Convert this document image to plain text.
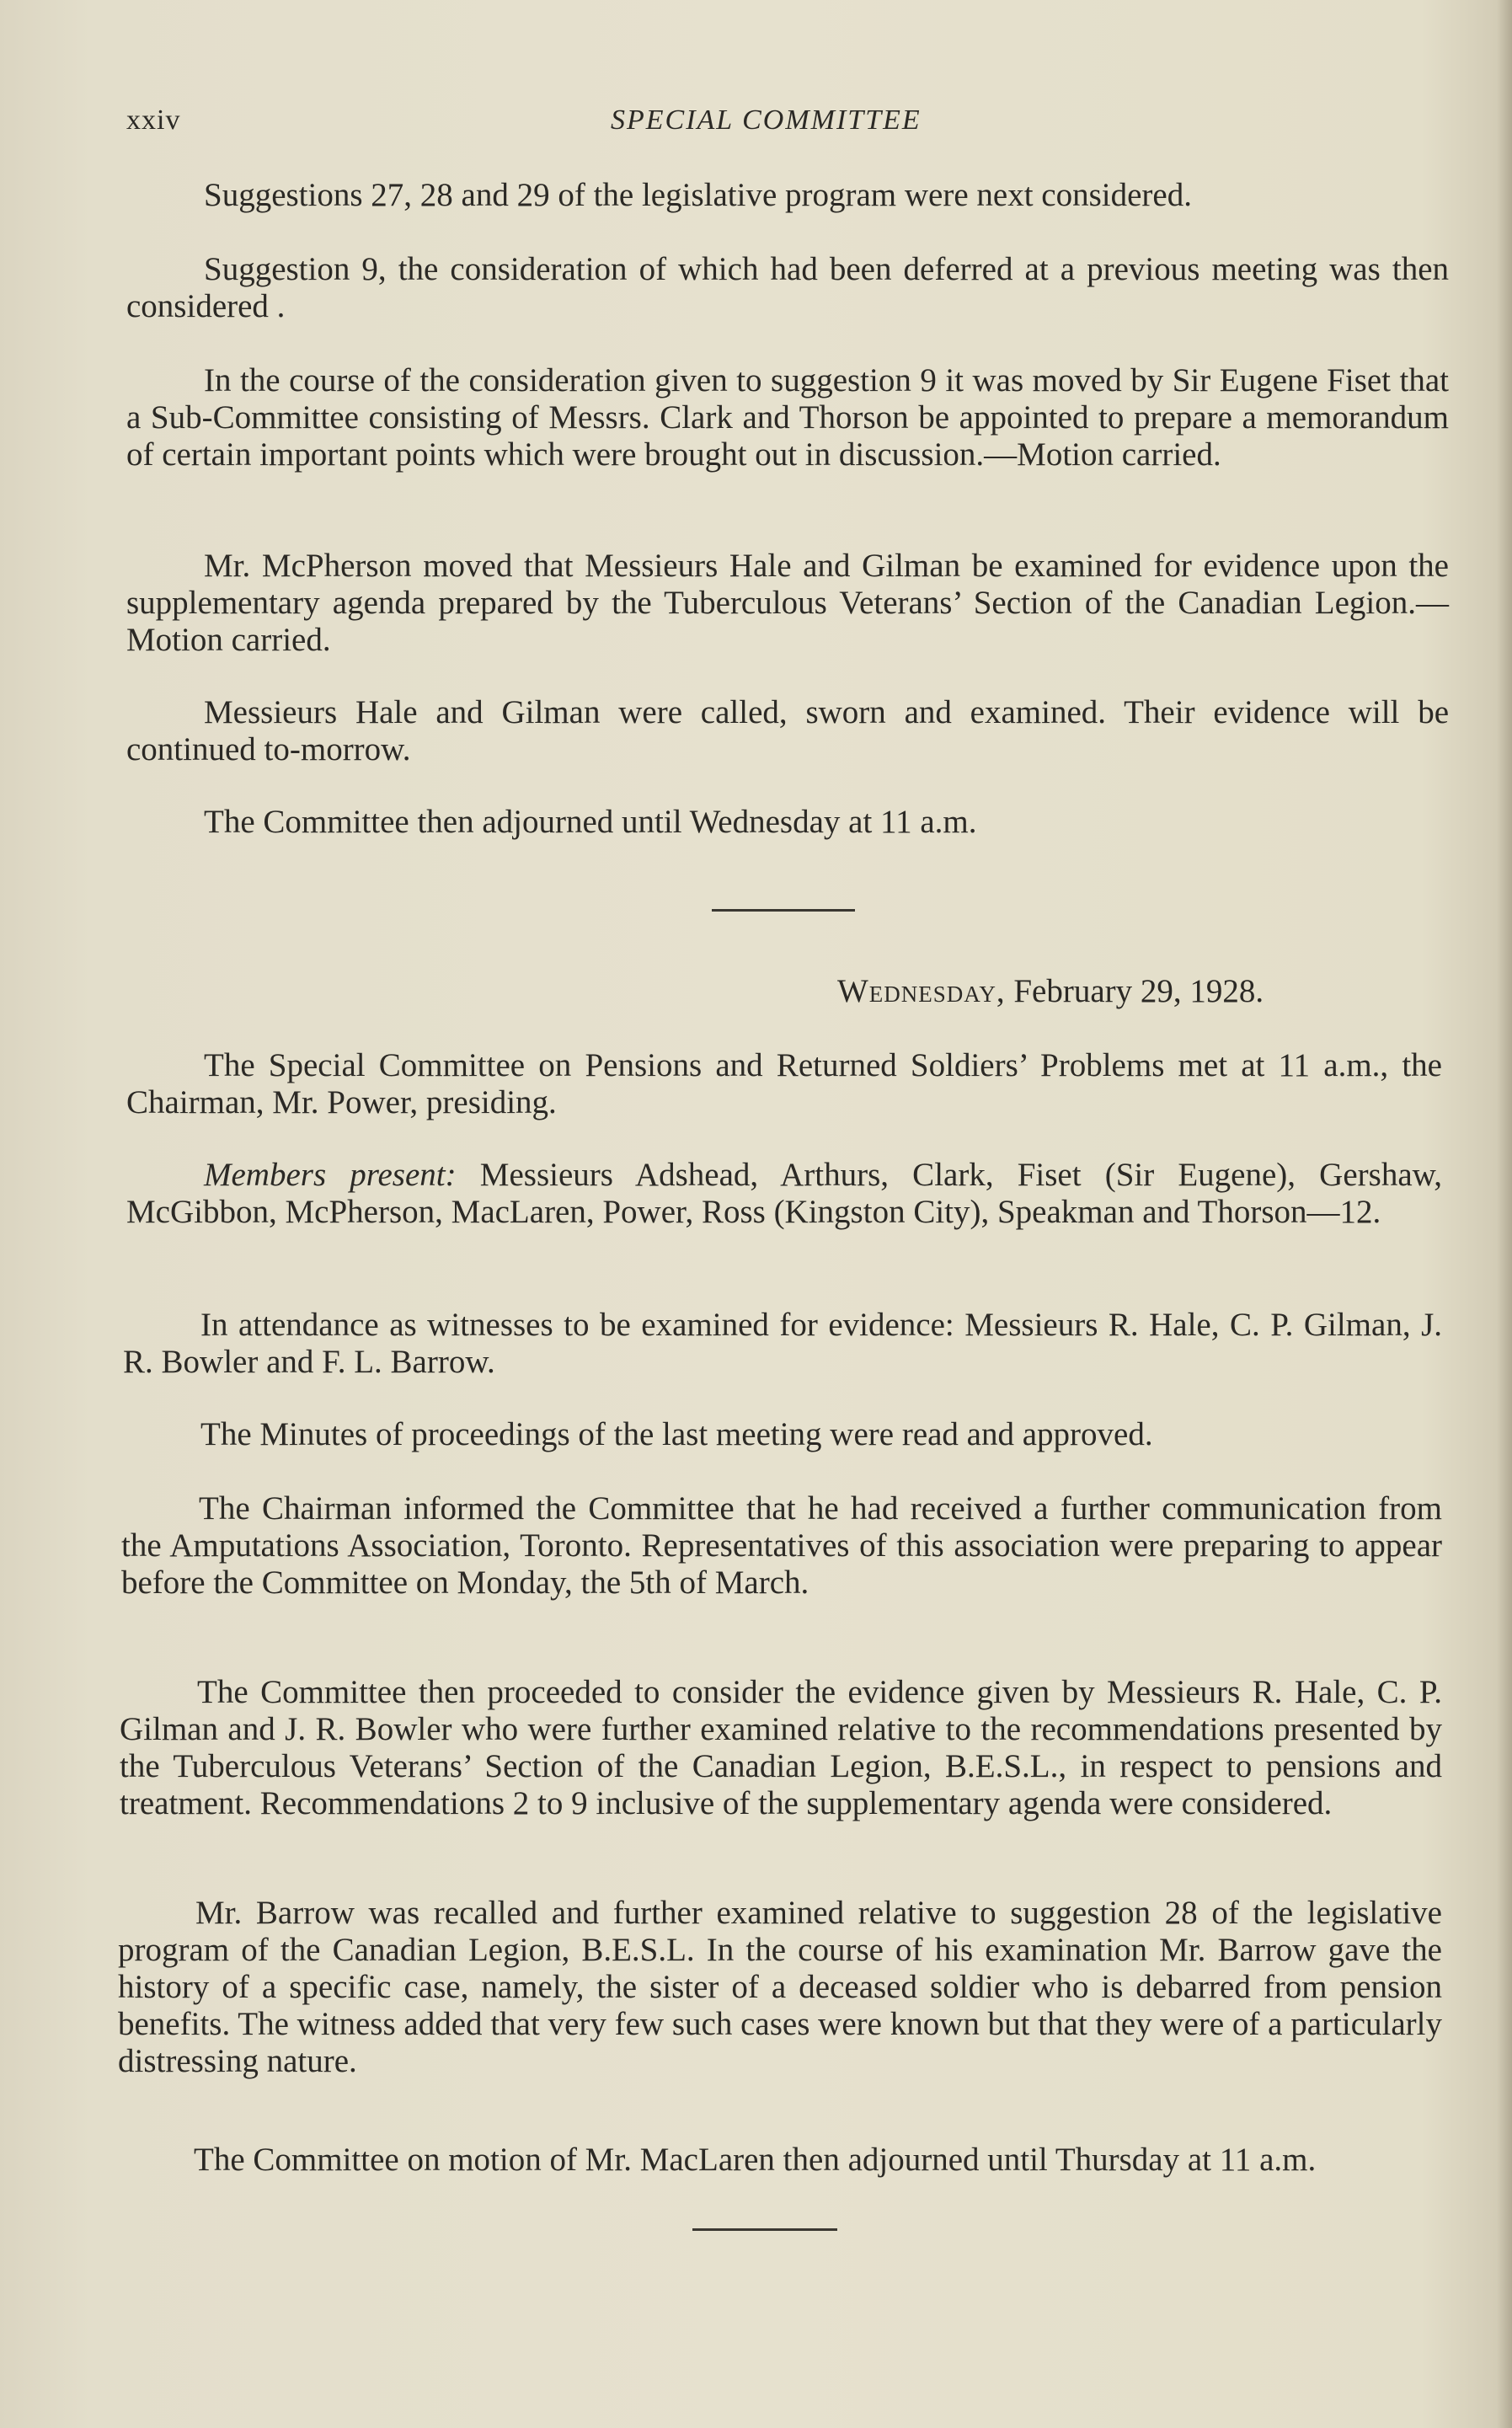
xxiv	SPECIAL COMMITTEE

Suggestions 27, 28 and 29 of the legislative program were next considered.

Suggestion 9, the consideration of which had been deferred at a previous meeting was then considered .

In the course of the consideration given to suggestion 9 it was moved by Sir Eugene Fiset that a Sub-Committee consisting of Messrs. Clark and Thorson be appointed to prepare a memorandum of certain important points which were brought out in discussion.—Motion carried.

Mr. McPherson moved that Messieurs Hale and Gilman be examined for evidence upon the supplementary agenda prepared by the Tuberculous Veterans’ Section of the Canadian Legion.—Motion carried.

Messieurs Hale and Gilman were called, sworn and examined. Their evidence will be continued to-morrow.

The Committee then adjourned until Wednesday at 11 a.m.

Wednesday, February 29, 1928.

The Special Committee on Pensions and Returned Soldiers’ Problems met at 11 a.m., the Chairman, Mr. Power, presiding.

Members present: Messieurs Adshead, Arthurs, Clark, Fiset (Sir Eugene), Gershaw, McGibbon, McPherson, MacLaren, Power, Ross (Kingston City), Speakman and Thorson—12.

In attendance as witnesses to be examined for evidence: Messieurs R. Hale, C. P. Gilman, J. R. Bowler and F. L. Barrow.

The Minutes of proceedings of the last meeting were read and approved.

The Chairman informed the Committee that he had received a further communication from the Amputations Association, Toronto. Representatives of this association were preparing to appear before the Committee on Monday, the 5th of March.

The Committee then proceeded to consider the evidence given by Messieurs R. Hale, C. P. Gilman and J. R. Bowler who were further examined relative to the recommendations presented by the Tuberculous Veterans’ Section of the Canadian Legion, B.E.S.L., in respect to pensions and treatment. Recommendations 2 to 9 inclusive of the supplementary agenda were considered.

Mr. Barrow was recalled and further examined relative to suggestion 28 of the legislative program of the Canadian Legion, B.E.S.L. In the course of his examination Mr. Barrow gave the history of a specific case, namely, the sister of a deceased soldier who is debarred from pension benefits. The witness added that very few such cases were known but that they were of a particularly distressing nature.

The Committee on motion of Mr. MacLaren then adjourned until Thursday at 11 a.m.
